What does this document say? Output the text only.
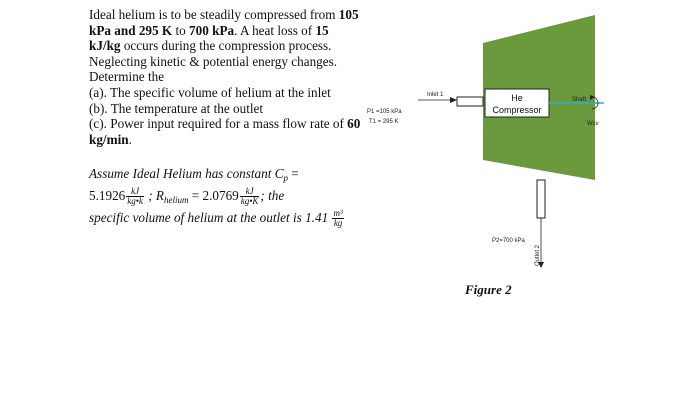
Ideal helium is to be steadily compressed from 105 kPa and 295 K to 700 kPa. A heat loss of 15 kJ/kg occurs during the compression process. Neglecting kinetic & potential energy changes. Determine the

(a). The specific volume of helium at the inlet

(b). The temperature at the outlet

(c). Power input required for a mass flow rate of 60 kg/min.

Assume Ideal Helium has constant $C_p$ =
$5.1926 \frac{kJ}{kg•k}$ ; $R_{helium} = 2.0769 \frac{kJ}{kg•K}$ ; the
specific volume of helium at the outlet is $1.41 \frac{\text{m³}}{kg}$
Inlet 1
P1 =105 kPa
T1 = 295 K
He
Compressor
Shaft
Wcv
P2=700 kPa
Outlet 2
Figure 2
